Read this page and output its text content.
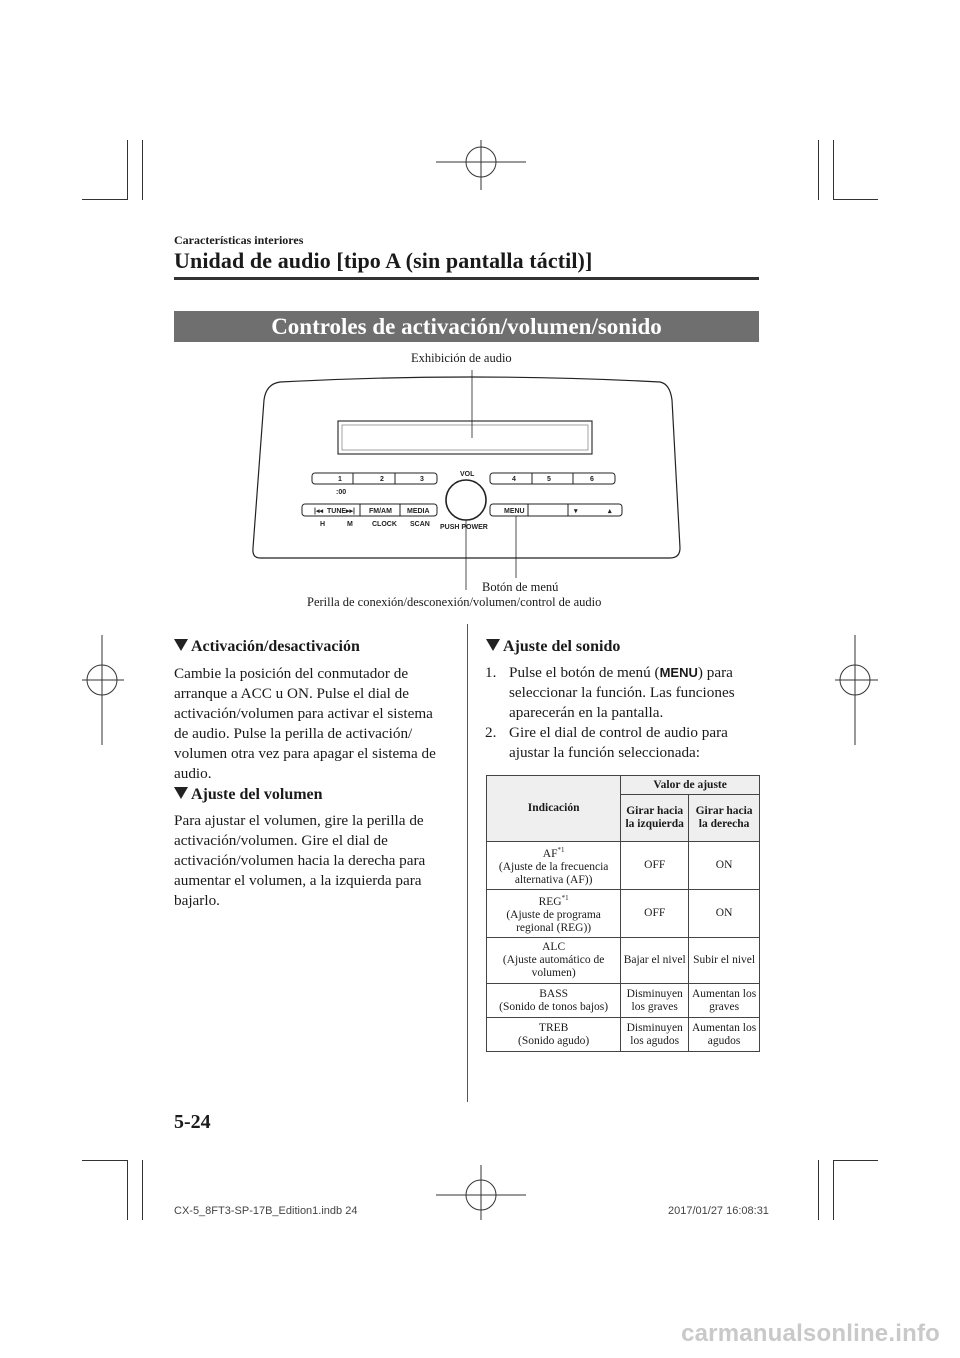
Características interiores
Unidad de audio [tipo A (sin pantalla táctil)]
Controles de activación/volumen/sonido
Exhibición de audio
1	2	3
:00
4	5	6
|◂◂ TUNE ▸▸| FM/AM MEDIA
H	M	CLOCK SCAN
MENU	▾	▴
VOL
PUSH POWER
Botón de menú
Perilla de conexión/desconexión/volumen/control de audio
Activación/desactivación
Cambie la posición del conmutador de arranque a ACC u ON. Pulse el dial de activación/volumen para activar el sistema de audio. Pulse la perilla de activación/ volumen otra vez para apagar el sistema de audio.
Ajuste del volumen
Para ajustar el volumen, gire la perilla de activación/volumen. Gire el dial de activación/volumen hacia la derecha para aumentar el volumen, a la izquierda para bajarlo.
Ajuste del sonido
1. Pulse el botón de menú (MENU) para seleccionar la función. Las funciones aparecerán en la pantalla.
2. Gire el dial de control de audio para ajustar la función seleccionada:
Indicación	Valor de ajuste	
	Girar hacia la izquierda	Girar hacia la derecha
AF$^{*1}$
(Ajuste de la frecuencia alternativa (AF))	OFF	ON
REG$^{*1}$
(Ajuste de programa regional (REG))	OFF	ON
ALC
(Ajuste automático de volumen)	Bajar el nivel	Subir el nivel
BASS
(Sonido de tonos bajos)	Disminuyen los graves	Aumentan los graves
TREB
(Sonido agudo)	Disminuyen los agudos	Aumentan los agudos
5-24
CX-5_8FT3-SP-17B_Edition1.indb 24	2017/01/27 16:08:31
carmanualsonline.info
